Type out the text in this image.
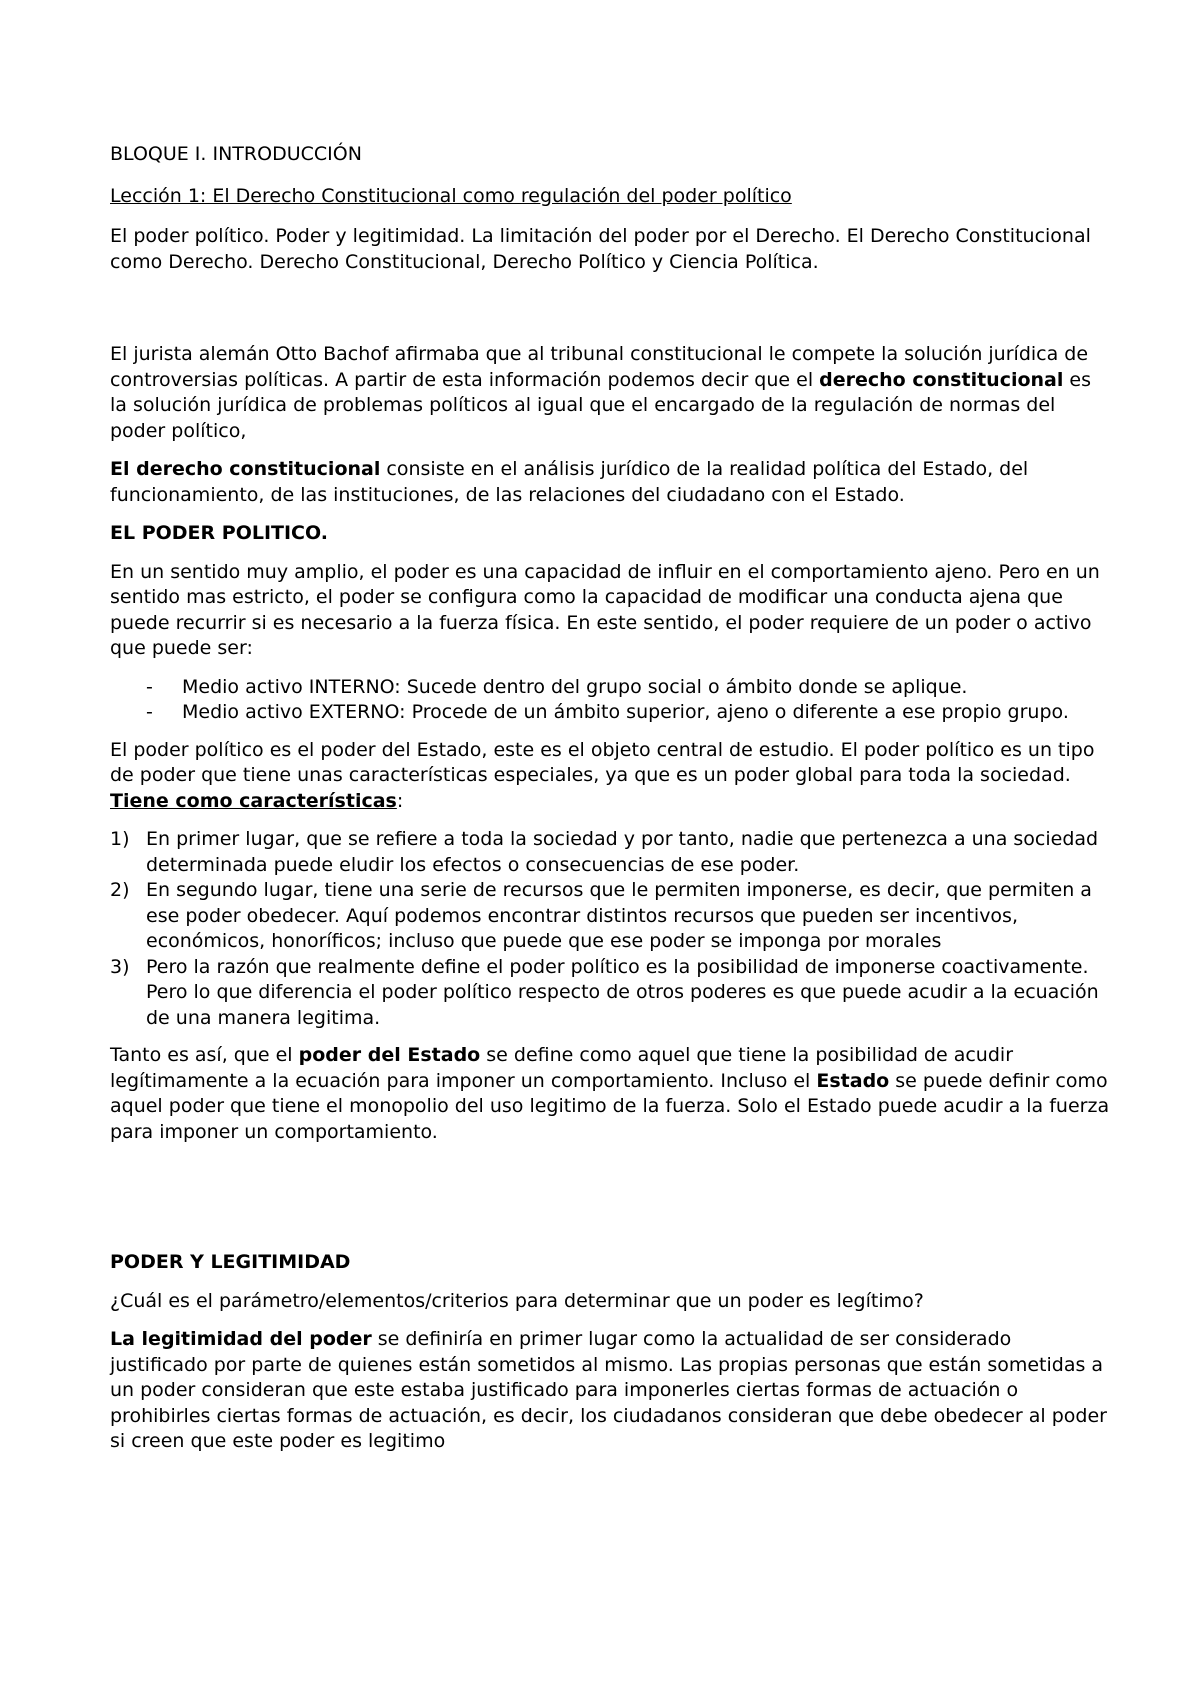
BLOQUE I. INTRODUCCIÓN

Lección 1: El Derecho Constitucional como regulación del poder político

El poder político. Poder y legitimidad. La limitación del poder por el Derecho. El Derecho Constitucional como Derecho. Derecho Constitucional, Derecho Político y Ciencia Política.

El jurista alemán Otto Bachof afirmaba que al tribunal constitucional le compete la solución jurídica de controversias políticas. A partir de esta información podemos decir que el derecho constitucional es la solución jurídica de problemas políticos al igual que el encargado de la regulación de normas del poder político,

El derecho constitucional consiste en el análisis jurídico de la realidad política del Estado, del funcionamiento, de las instituciones, de las relaciones del ciudadano con el Estado.

EL PODER POLITICO.

En un sentido muy amplio, el poder es una capacidad de influir en el comportamiento ajeno. Pero en un sentido mas estricto, el poder se configura como la capacidad de modificar una conducta ajena que puede recurrir si es necesario a la fuerza física. En este sentido, el poder requiere de un poder o activo que puede ser:

- Medio activo INTERNO: Sucede dentro del grupo social o ámbito donde se aplique.
- Medio activo EXTERNO: Procede de un ámbito superior, ajeno o diferente a ese propio grupo.

El poder político es el poder del Estado, este es el objeto central de estudio. El poder político es un tipo de poder que tiene unas características especiales, ya que es un poder global para toda la sociedad. Tiene como características:

1) En primer lugar, que se refiere a toda la sociedad y por tanto, nadie que pertenezca a una sociedad determinada puede eludir los efectos o consecuencias de ese poder.
2) En segundo lugar, tiene una serie de recursos que le permiten imponerse, es decir, que permiten a ese poder obedecer. Aquí podemos encontrar distintos recursos que pueden ser incentivos, económicos, honoríficos; incluso que puede que ese poder se imponga por morales
3) Pero la razón que realmente define el poder político es la posibilidad de imponerse coactivamente. Pero lo que diferencia el poder político respecto de otros poderes es que puede acudir a la ecuación de una manera legitima.

Tanto es así, que el poder del Estado se define como aquel que tiene la posibilidad de acudir legítimamente a la ecuación para imponer un comportamiento. Incluso el Estado se puede definir como aquel poder que tiene el monopolio del uso legitimo de la fuerza. Solo el Estado puede acudir a la fuerza para imponer un comportamiento.

PODER Y LEGITIMIDAD

¿Cuál es el parámetro/elementos/criterios para determinar que un poder es legítimo?

La legitimidad del poder se definiría en primer lugar como la actualidad de ser considerado justificado por parte de quienes están sometidos al mismo. Las propias personas que están sometidas a un poder consideran que este estaba justificado para imponerles ciertas formas de actuación o prohibirles ciertas formas de actuación, es decir, los ciudadanos consideran que debe obedecer al poder si creen que este poder es legitimo
